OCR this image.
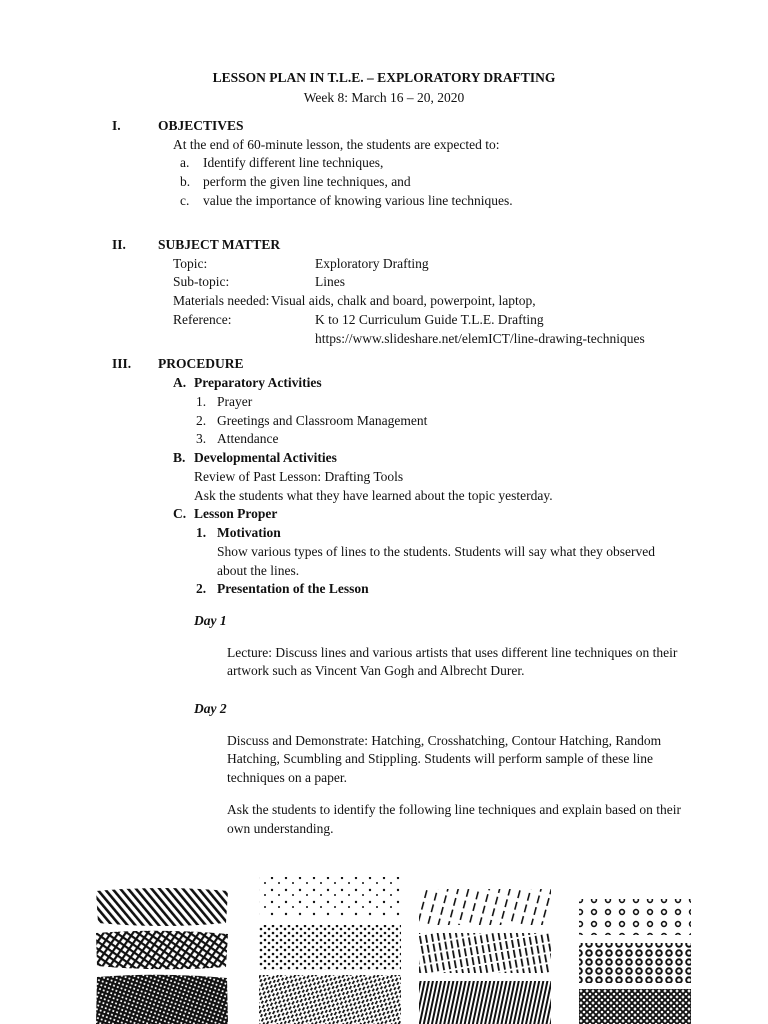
LESSON PLAN IN T.L.E. – EXPLORATORY DRAFTING
Week 8: March 16 – 20, 2020
I.	OBJECTIVES
At the end of 60-minute lesson, the students are expected to:
a. Identify different line techniques,
b. perform the given line techniques, and
c. value the importance of knowing various line techniques.
II. SUBJECT MATTER
Topic:	Exploratory Drafting
Sub-topic:	Lines
Materials needed: Visual aids, chalk and board, powerpoint, laptop,
Reference:	K to 12 Curriculum Guide T.L.E. Drafting
https://www.slideshare.net/elemICT/line-drawing-techniques
III. PROCEDURE
A. Preparatory Activities
1. Prayer
2. Greetings and Classroom Management
3. Attendance
B. Developmental Activities
Review of Past Lesson: Drafting Tools
Ask the students what they have learned about the topic yesterday.
C. Lesson Proper
1. Motivation
Show various types of lines to the students. Students will say what they observed
about the lines.
2. Presentation of the Lesson
Day 1
Lecture: Discuss lines and various artists that uses different line techniques on their
artwork such as Vincent Van Gogh and Albrecht Durer.
Day 2
Discuss and Demonstrate: Hatching, Crosshatching, Contour Hatching, Random
Hatching, Scumbling and Stippling. Students will perform sample of these line
techniques on a paper.
Ask the students to identify the following line techniques and explain based on their
own understanding.
